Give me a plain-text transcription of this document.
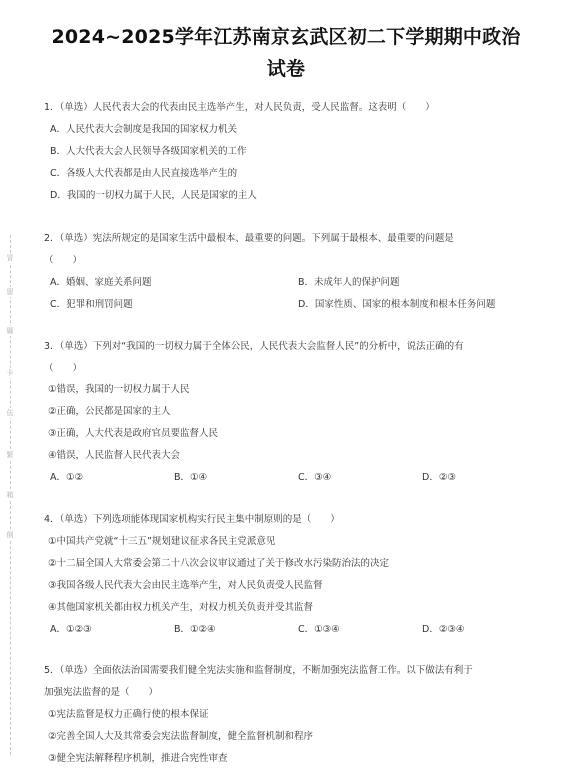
冒
留
縣
卡
伍
繁
箱
倒
2024~2025学年江苏南京玄武区初二下学期期中政治
试卷
1．（单选）人民代表大会的代表由民主选举产生，对人民负责，受人民监督。这表明（　　）
A．人民代表大会制度是我国的国家权力机关
B．人大代表大会人民领导各级国家机关的工作
C．各级人大代表都是由人民直接选举产生的
D．我国的一切权力属于人民，人民是国家的主人
2．（单选）宪法所规定的是国家生活中最根本、最重要的问题。下列属于最根本、最重要的问题是
（　　）
A．婚姻、家庭关系问题	B．未成年人的保护问题
C．犯罪和刑罚问题	D．国家性质、国家的根本制度和根本任务问题
3．（单选）下列对“我国的一切权力属于全体公民，人民代表大会监督人民”的分析中，说法正确的有
（　　）
①错误，我国的一切权力属于人民
②正确，公民都是国家的主人
③正确，人大代表是政府官员要监督人民
④错误，人民监督人民代表大会
A．①②	B．①④	C．③④	D．②③
4．（单选）下列选项能体现国家机构实行民主集中制原则的是（　　）
①中国共产党就“十三五”规划建议征求各民主党派意见
②十二届全国人大常委会第二十八次会议审议通过了关于修改水污染防治法的决定
③我国各级人民代表大会由民主选举产生，对人民负责受人民监督
④其他国家机关都由权力机关产生，对权力机关负责并受其监督
A．①②③	B．①②④	C．①③④	D．②③④
5．（单选）全面依法治国需要我们健全宪法实施和监督制度，不断加强宪法监督工作。以下做法有利于
加强宪法监督的是（　　）
①宪法监督是权力正确行使的根本保证
②完善全国人大及其常委会宪法监督制度，健全监督机制和程序
③健全宪法解释程序机制，推进合宪性审查
